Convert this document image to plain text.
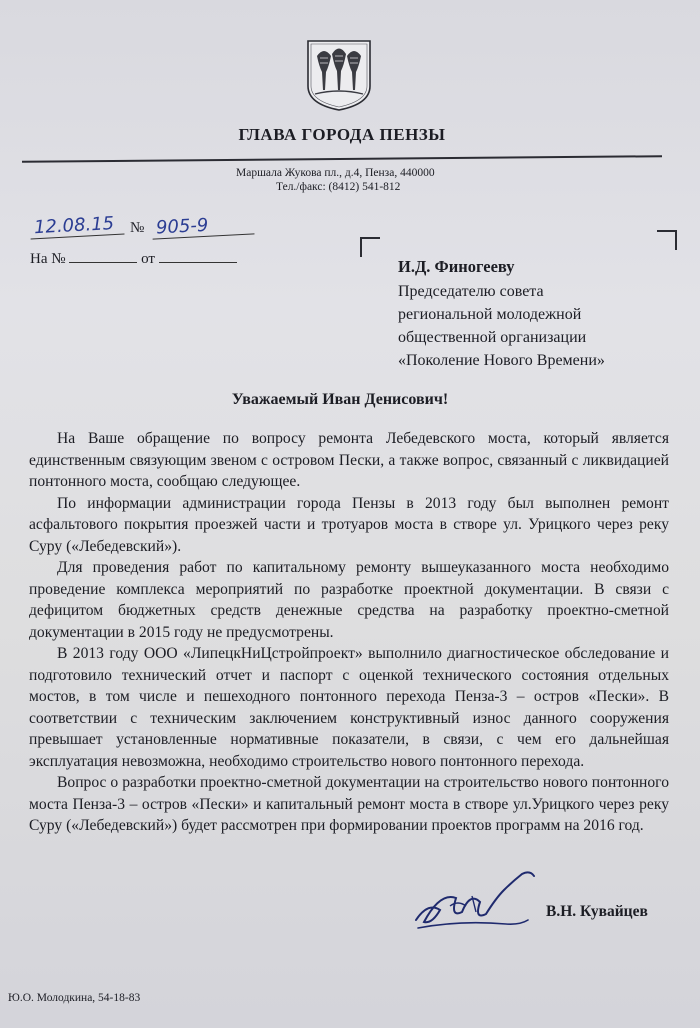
ГЛАВА ГОРОДА ПЕНЗЫ
Маршала Жукова пл., д.4, Пенза, 440000
Тел./факс: (8412) 541-812
12.08.15	№ 905-9
На №	от	И.Д. Финогееву
Председателю совета
региональной молодежной
общественной организации
«Поколение Нового Времени»
Уважаемый Иван Денисович!

На Ваше обращение по вопросу ремонта Лебедевского моста, который является единственным связующим звеном с островом Пески, а также вопрос, связанный с ликвидацией понтонного моста, сообщаю следующее.

По информации администрации города Пензы в 2013 году был выполнен ремонт асфальтового покрытия проезжей части и тротуаров моста в створе ул. Урицкого через реку Суру («Лебедевский»).

Для проведения работ по капитальному ремонту вышеуказанного моста необходимо проведение комплекса мероприятий по разработке проектной документации. В связи с дефицитом бюджетных средств денежные средства на разработку проектно-сметной документации в 2015 году не предусмотрены.

В 2013 году ООО «ЛипецкНиЦстройпроект» выполнило диагностическое обследование и подготовило технический отчет и паспорт с оценкой технического состояния отдельных мостов, в том числе и пешеходного понтонного перехода Пенза-3 – остров «Пески». В соответствии с техническим заключением конструктивный износ данного сооружения превышает установленные нормативные показатели, в связи, с чем его дальнейшая эксплуатация невозможна, необходимо строительство нового понтонного перехода.

Вопрос о разработки проектно-сметной документации на строительство нового понтонного моста Пенза-3 – остров «Пески» и капитальный ремонт моста в створе ул.Урицкого через реку Суру («Лебедевский») будет рассмотрен при формировании проектов программ на 2016 год.

В.Н. Кувайцев
Ю.О. Молодкина, 54-18-83
